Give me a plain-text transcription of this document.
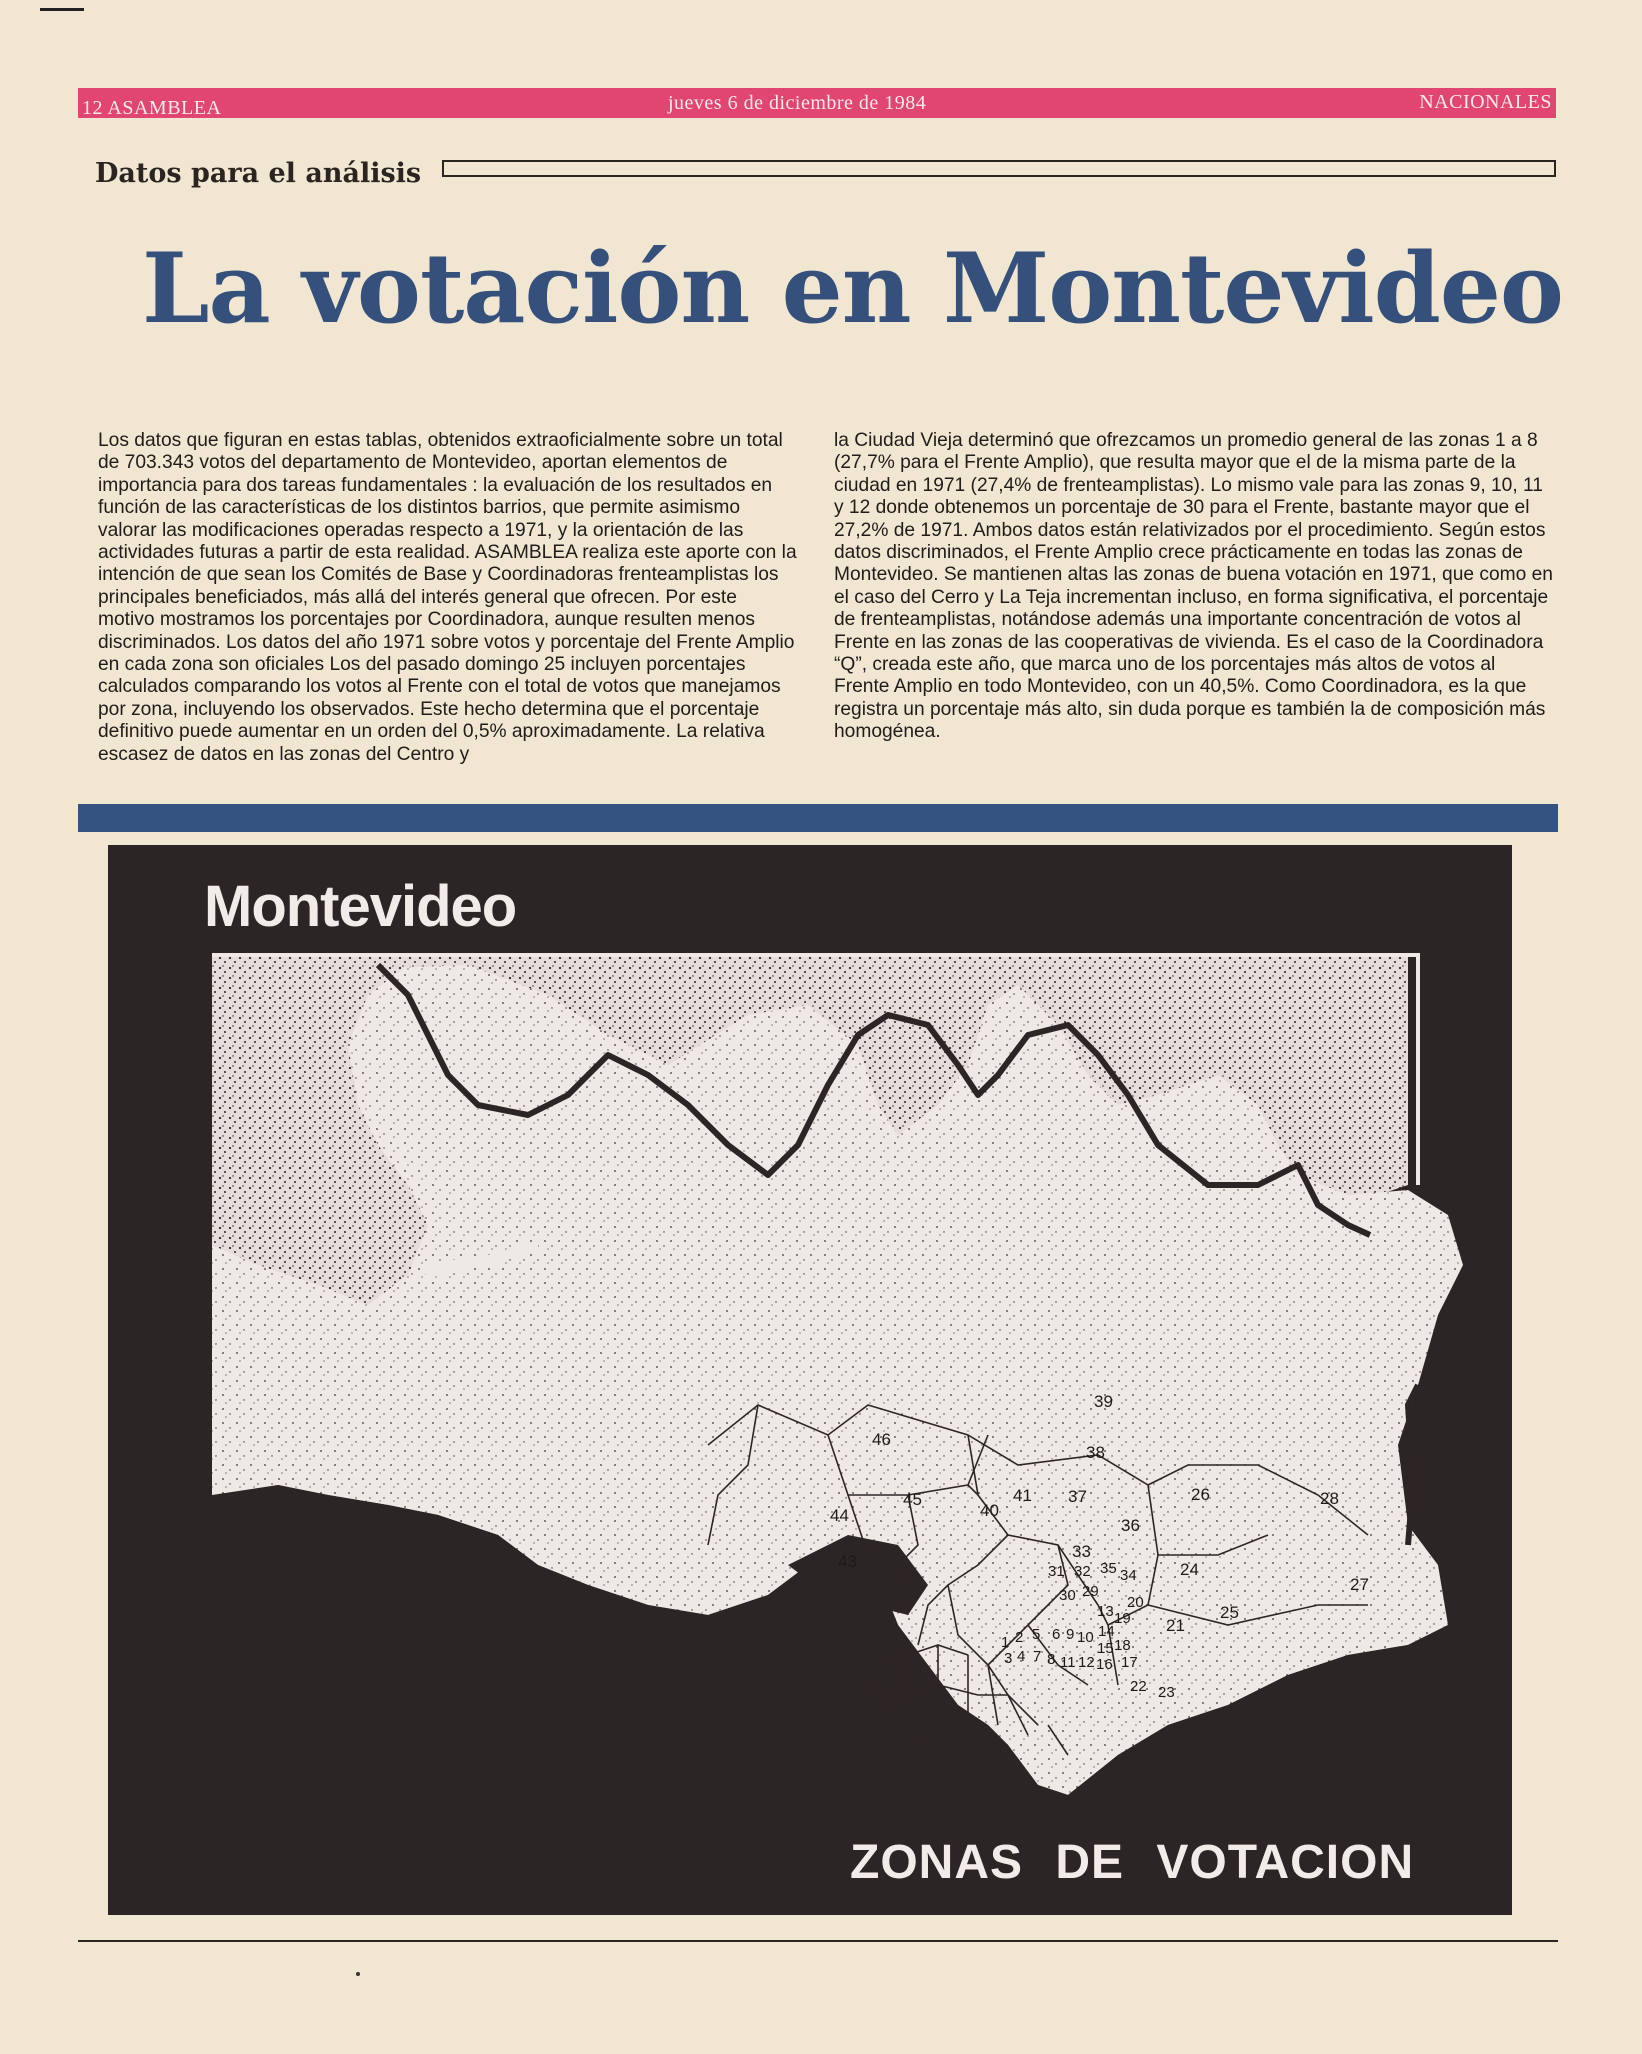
12 ASAMBLEA	jueves 6 de diciembre de 1984	NACIONALES
Datos para el análisis
La votación en Montevideo

Los datos que figuran en estas tablas, obtenidos extraoficialmente sobre un total de 703.343 votos del departamento de Montevideo, aportan elementos de importancia para dos tareas fundamentales : la evaluación de los resultados en función de las características de los distintos barrios, que permite asimismo valorar las modificaciones operadas respecto a 1971, y la orientación de las actividades futuras a partir de esta realidad. ASAMBLEA realiza este aporte con la intención de que sean los Comités de Base y Coordinadoras frenteamplistas los principales beneficiados, más allá del interés general que ofrecen. Por este motivo mostramos los porcentajes por Coordinadora, aunque resulten menos discriminados. Los datos del año 1971 sobre votos y porcentaje del Frente Amplio en cada zona son oficiales Los del pasado domingo 25 incluyen porcentajes calculados comparando los votos al Frente con el total de votos que manejamos por zona, incluyendo los observados. Este hecho determina que el porcentaje definitivo puede aumentar en un orden del 0,5% aproximadamente. La relativa escasez de datos en las zonas del Centro y

la Ciudad Vieja determinó que ofrezcamos un promedio general de las zonas 1 a 8 (27,7% para el Frente Amplio), que resulta mayor que el de la misma parte de la ciudad en 1971 (27,4% de frenteamplistas). Lo mismo vale para las zonas 9, 10, 11 y 12 donde obtenemos un porcentaje de 30 para el Frente, bastante mayor que el 27,2% de 1971. Ambos datos están relativizados por el procedimiento. Según estos datos discriminados, el Frente Amplio crece prácticamente en todas las zonas de Montevideo. Se mantienen altas las zonas de buena votación en 1971, que como en el caso del Cerro y La Teja incrementan incluso, en forma significativa, el porcentaje de frenteamplistas, notándose además una importante concentración de votos al Frente en las zonas de las cooperativas de vivienda. Es el caso de la Coordinadora “Q”, creada este año, que marca uno de los porcentajes más altos de votos al Frente Amplio en todo Montevideo, con un 40,5%. Como Coordinadora, es la que registra un porcentaje más alto, sin duda porque es también la de composición más homogénea.

39
46
38
45	41 37	26	28
44	40
36
33
43	24
31 32 35 34	27
30 29
20
13 19	25
21
1 2 5 6 9 10 14
15 18
3 4 7 8 11 12 16 17
22 23
Montevideo
ZONAS DE VOTACION
